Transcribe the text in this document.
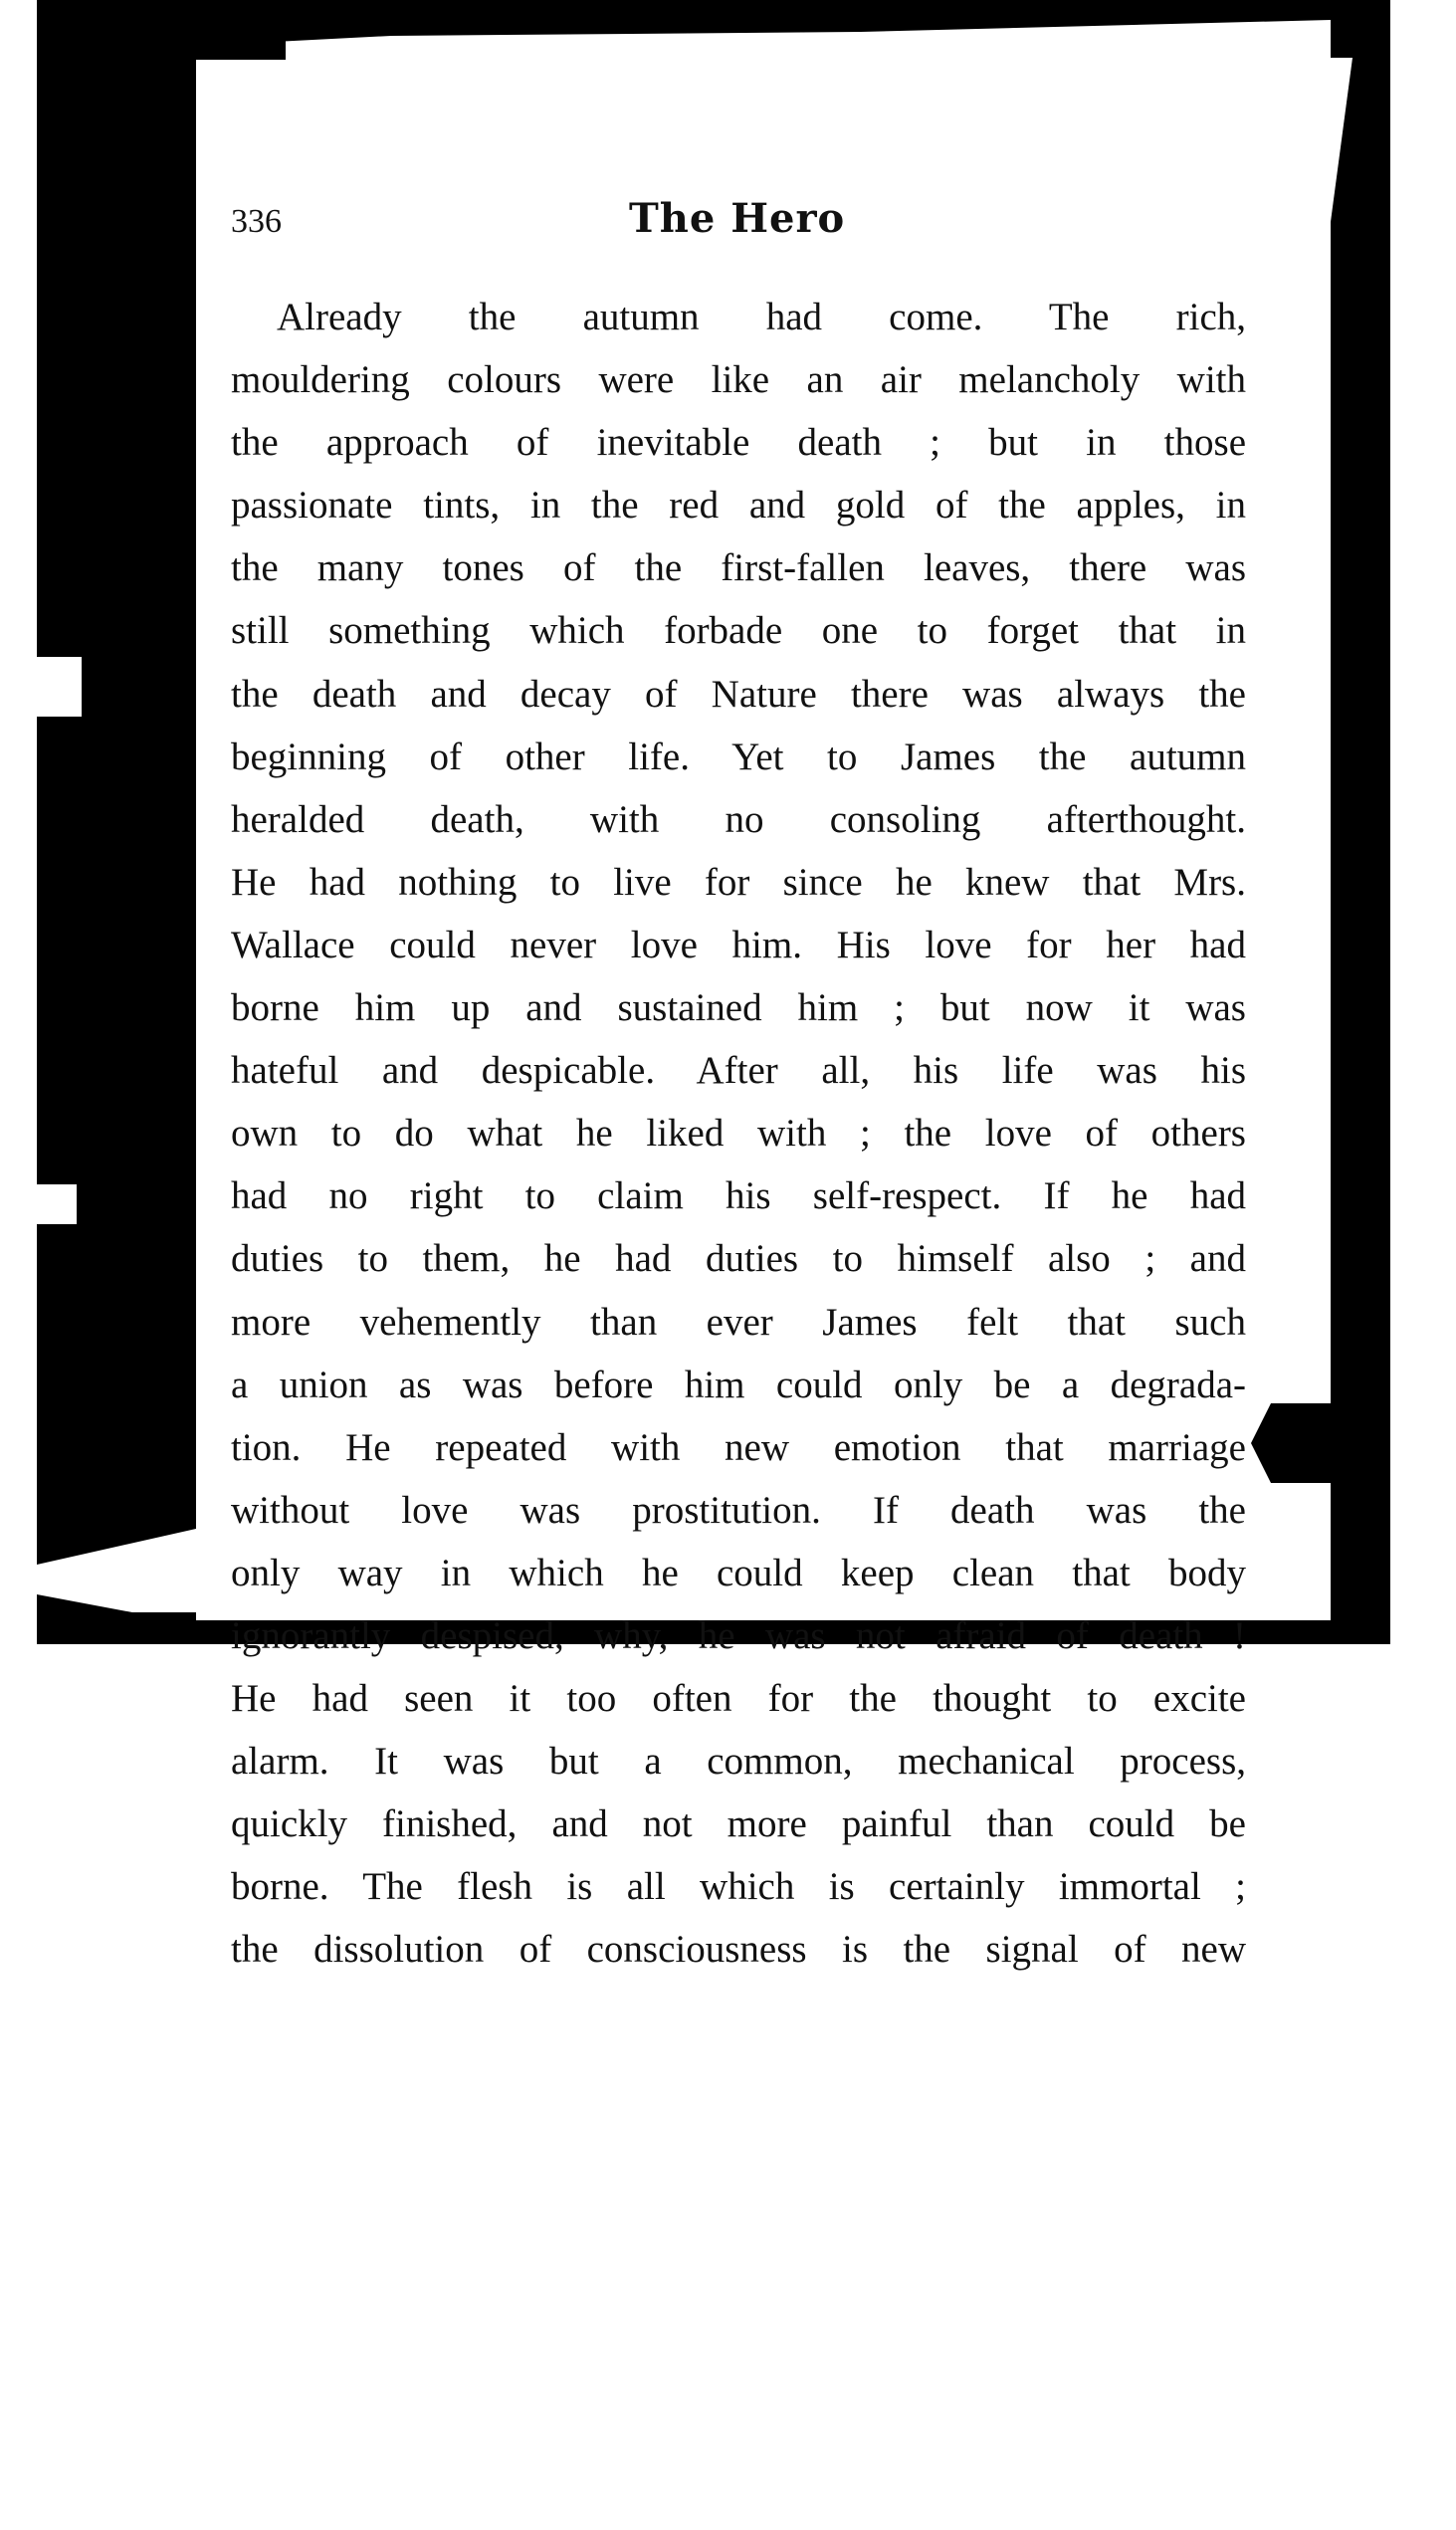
336	The Hero
Already the autumn had come. The rich,
mouldering colours were like an air melancholy with
the approach of inevitable death ; but in those
passionate tints, in the red and gold of the apples, in
the many tones of the first-fallen leaves, there was
still something which forbade one to forget that in
the death and decay of Nature there was always the
beginning of other life. Yet to James the autumn
heralded death, with no consoling afterthought.
He had nothing to live for since he knew that Mrs.
Wallace could never love him. His love for her had
borne him up and sustained him ; but now it was
hateful and despicable. After all, his life was his
own to do what he liked with ; the love of others
had no right to claim his self-respect. If he had
duties to them, he had duties to himself also ; and
more vehemently than ever James felt that such
a union as was before him could only be a degrada-
tion. He repeated with new emotion that marriage
without love was prostitution. If death was the
only way in which he could keep clean that body
ignorantly despised, why, he was not afraid of death !
He had seen it too often for the thought to excite
alarm. It was but a common, mechanical process,
quickly finished, and not more painful than could be
borne. The flesh is all which is certainly immortal ;
the dissolution of consciousness is the signal of new
